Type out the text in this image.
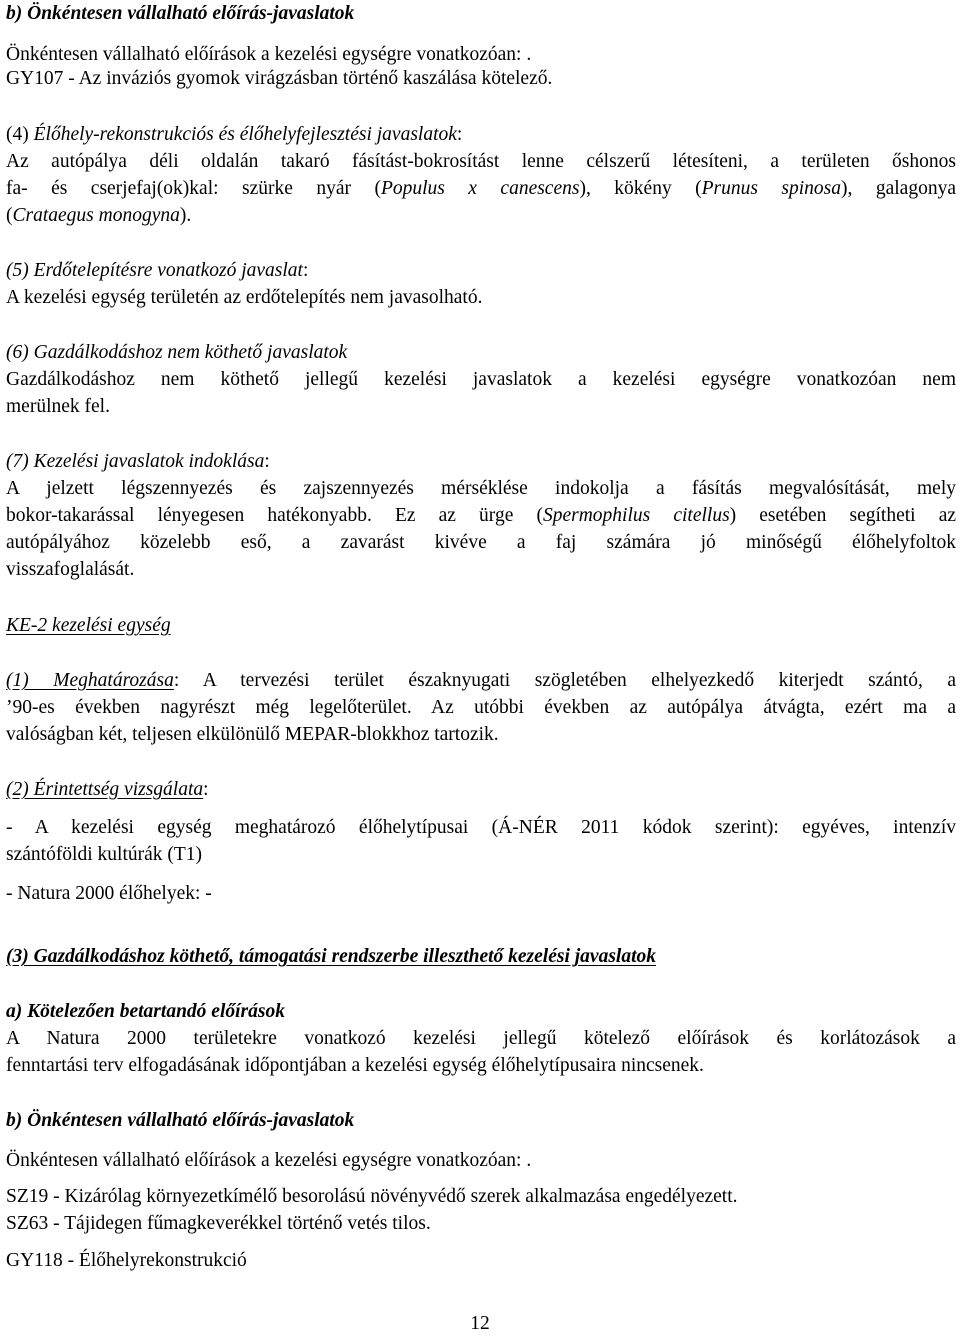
b) Önkéntesen vállalható előírás-javaslatok

Önkéntesen vállalható előírások a kezelési egységre vonatkozóan: .

GY107 - Az inváziós gyomok virágzásban történő kaszálása kötelező.

(4) Élőhely-rekonstrukciós és élőhelyfejlesztési javaslatok:

Az autópálya déli oldalán takaró fásítást-bokrosítást lenne célszerű létesíteni, a területen őshonos

fa- és cserjefaj(ok)kal: szürke nyár (Populus x canescens), kökény (Prunus spinosa), galagonya

(Crataegus monogyna).

(5) Erdőtelepítésre vonatkozó javaslat:

A kezelési egység területén az erdőtelepítés nem javasolható.

(6) Gazdálkodáshoz nem köthető javaslatok

Gazdálkodáshoz nem köthető jellegű kezelési javaslatok a kezelési egységre vonatkozóan nem

merülnek fel.

(7) Kezelési javaslatok indoklása:

A jelzett légszennyezés és zajszennyezés mérséklése indokolja a fásítás megvalósítását, mely

bokor-takarással lényegesen hatékonyabb. Ez az ürge (Spermophilus citellus) esetében segítheti az

autópályához közelebb eső, a zavarást kivéve a faj számára jó minőségű élőhelyfoltok

visszafoglalását.

KE-2 kezelési egység

(1) Meghatározása: A tervezési terület északnyugati szögletében elhelyezkedő kiterjedt szántó, a

’90-es években nagyrészt még legelőterület. Az utóbbi években az autópálya átvágta, ezért ma a

valóságban két, teljesen elkülönülő MEPAR-blokkhoz tartozik.

(2) Érintettség vizsgálata:

- A kezelési egység meghatározó élőhelytípusai (Á-NÉR 2011 kódok szerint): egyéves, intenzív

szántóföldi kultúrák (T1)

- Natura 2000 élőhelyek: -

(3) Gazdálkodáshoz köthető, támogatási rendszerbe illeszthető kezelési javaslatok

a) Kötelezően betartandó előírások

A Natura 2000 területekre vonatkozó kezelési jellegű kötelező előírások és korlátozások a

fenntartási terv elfogadásának időpontjában a kezelési egység élőhelytípusaira nincsenek.

b) Önkéntesen vállalható előírás-javaslatok

Önkéntesen vállalható előírások a kezelési egységre vonatkozóan: .

SZ19 - Kizárólag környezetkímélő besorolású növényvédő szerek alkalmazása engedélyezett.

SZ63 - Tájidegen fűmagkeverékkel történő vetés tilos.

GY118 - Élőhelyrekonstrukció

12
